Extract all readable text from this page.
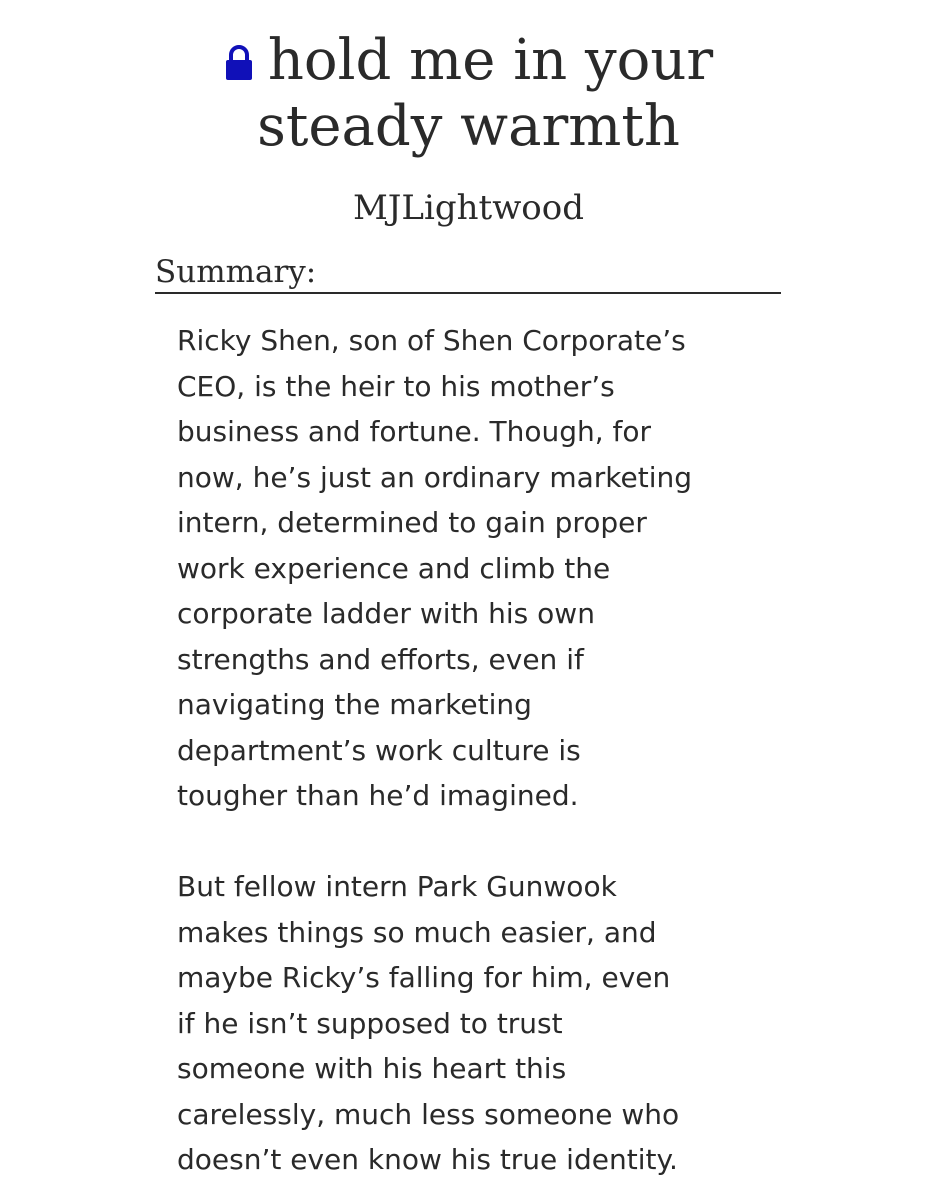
hold me in your
steady warmth
MJLightwood
Summary:
Ricky Shen, son of Shen Corporate’s
CEO, is the heir to his mother’s
business and fortune. Though, for
now, he’s just an ordinary marketing
intern, determined to gain proper
work experience and climb the
corporate ladder with his own
strengths and efforts, even if
navigating the marketing
department’s work culture is
tougher than he’d imagined.
But fellow intern Park Gunwook
makes things so much easier, and
maybe Ricky’s falling for him, even
if he isn’t supposed to trust
someone with his heart this
carelessly, much less someone who
doesn’t even know his true identity.
